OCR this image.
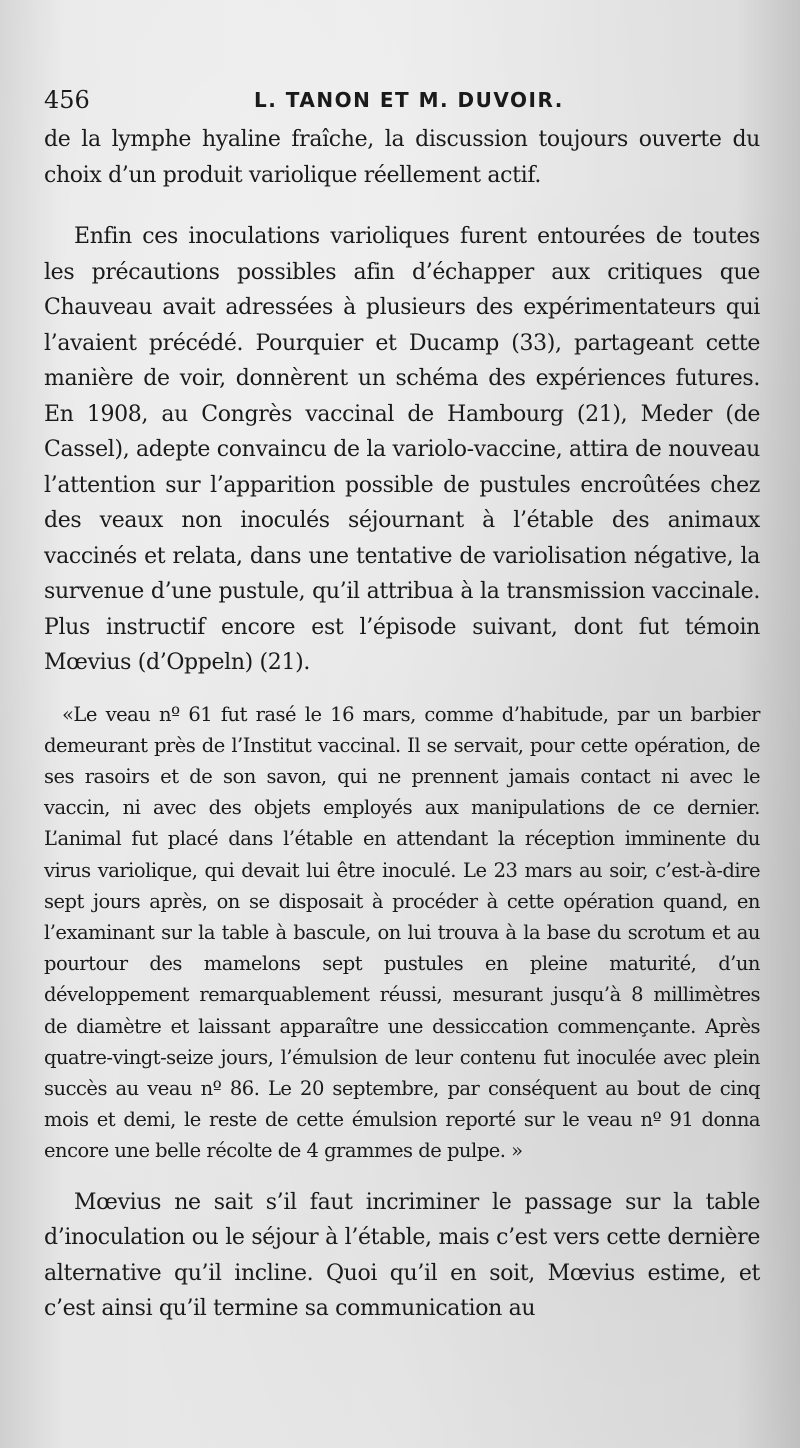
456	L. TANON ET M. DUVOIR.

de la lymphe hyaline fraîche, la discussion toujours ouverte du choix d’un produit variolique réellement actif.

Enfin ces inoculations varioliques furent entourées de toutes les précautions possibles afin d’échapper aux critiques que Chauveau avait adressées à plusieurs des expérimentateurs qui l’avaient précédé. Pourquier et Ducamp (33), partageant cette manière de voir, donnèrent un schéma des expériences futures. En 1908, au Congrès vaccinal de Hambourg (21), Meder (de Cassel), adepte convaincu de la variolo-vaccine, attira de nouveau l’attention sur l’apparition possible de pustules encroûtées chez des veaux non inoculés séjournant à l’étable des animaux vaccinés et relata, dans une tentative de variolisation négative, la survenue d’une pustule, qu’il attribua à la transmission vaccinale. Plus instructif encore est l’épisode suivant, dont fut témoin Mœvius (d’Oppeln) (21).

«Le veau nº 61 fut rasé le 16 mars, comme d’habitude, par un barbier demeurant près de l’Institut vaccinal. Il se servait, pour cette opération, de ses rasoirs et de son savon, qui ne prennent jamais contact ni avec le vaccin, ni avec des objets employés aux manipulations de ce dernier. L’animal fut placé dans l’étable en attendant la réception imminente du virus variolique, qui devait lui être inoculé. Le 23 mars au soir, c’est-à-dire sept jours après, on se disposait à procéder à cette opération quand, en l’examinant sur la table à bascule, on lui trouva à la base du scrotum et au pourtour des mamelons sept pustules en pleine maturité, d’un développement remarquablement réussi, mesurant jusqu’à 8 millimètres de diamètre et laissant apparaître une dessiccation commençante. Après quatre-vingt-seize jours, l’émulsion de leur contenu fut inoculée avec plein succès au veau nº 86. Le 20 septembre, par conséquent au bout de cinq mois et demi, le reste de cette émulsion reporté sur le veau nº 91 donna encore une belle récolte de 4 grammes de pulpe. »

Mœvius ne sait s’il faut incriminer le passage sur la table d’inoculation ou le séjour à l’étable, mais c’est vers cette dernière alternative qu’il incline. Quoi qu’il en soit, Mœvius estime, et c’est ainsi qu’il termine sa communication au
